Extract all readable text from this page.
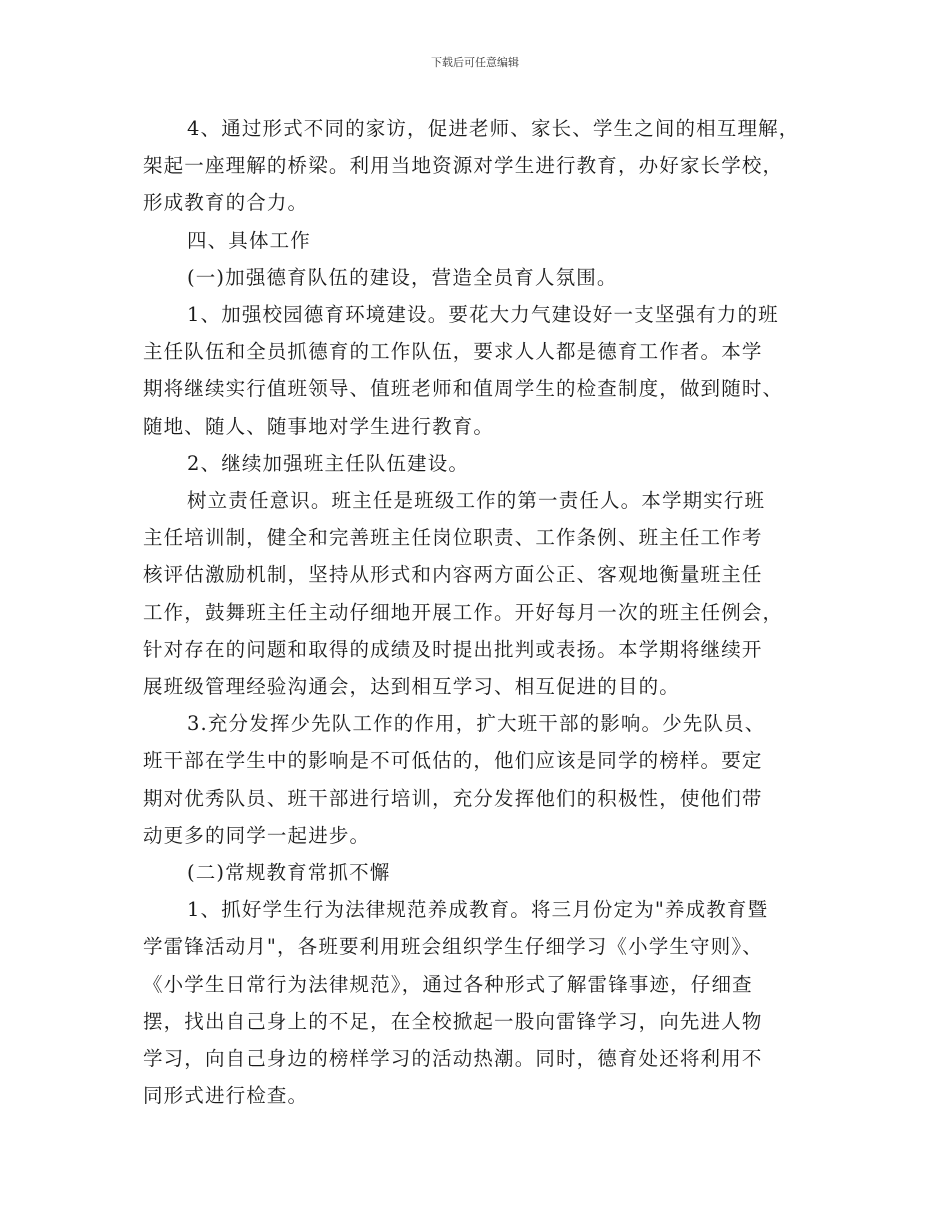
下载后可任意编辑
4、通过形式不同的家访，促进老师、家长、学生之间的相互理解，
架起一座理解的桥梁。利用当地资源对学生进行教育，办好家长学校，
形成教育的合力。
四、具体工作
(一)加强德育队伍的建设，营造全员育人氛围。
1、加强校园德育环境建设。要花大力气建设好一支坚强有力的班
主任队伍和全员抓德育的工作队伍，要求人人都是德育工作者。本学
期将继续实行值班领导、值班老师和值周学生的检查制度，做到随时、
随地、随人、随事地对学生进行教育。
2、继续加强班主任队伍建设。
树立责任意识。班主任是班级工作的第一责任人。本学期实行班
主任培训制，健全和完善班主任岗位职责、工作条例、班主任工作考
核评估激励机制，坚持从形式和内容两方面公正、客观地衡量班主任
工作，鼓舞班主任主动仔细地开展工作。开好每月一次的班主任例会，
针对存在的问题和取得的成绩及时提出批判或表扬。本学期将继续开
展班级管理经验沟通会，达到相互学习、相互促进的目的。
3.充分发挥少先队工作的作用，扩大班干部的影响。少先队员、
班干部在学生中的影响是不可低估的，他们应该是同学的榜样。要定
期对优秀队员、班干部进行培训，充分发挥他们的积极性，使他们带
动更多的同学一起进步。
(二)常规教育常抓不懈
1、抓好学生行为法律规范养成教育。将三月份定为"养成教育暨
学雷锋活动月"，各班要利用班会组织学生仔细学习《小学生守则》、
《小学生日常行为法律规范》，通过各种形式了解雷锋事迹，仔细查
摆，找出自己身上的不足，在全校掀起一股向雷锋学习，向先进人物
学习，向自己身边的榜样学习的活动热潮。同时，德育处还将利用不
同形式进行检查。
